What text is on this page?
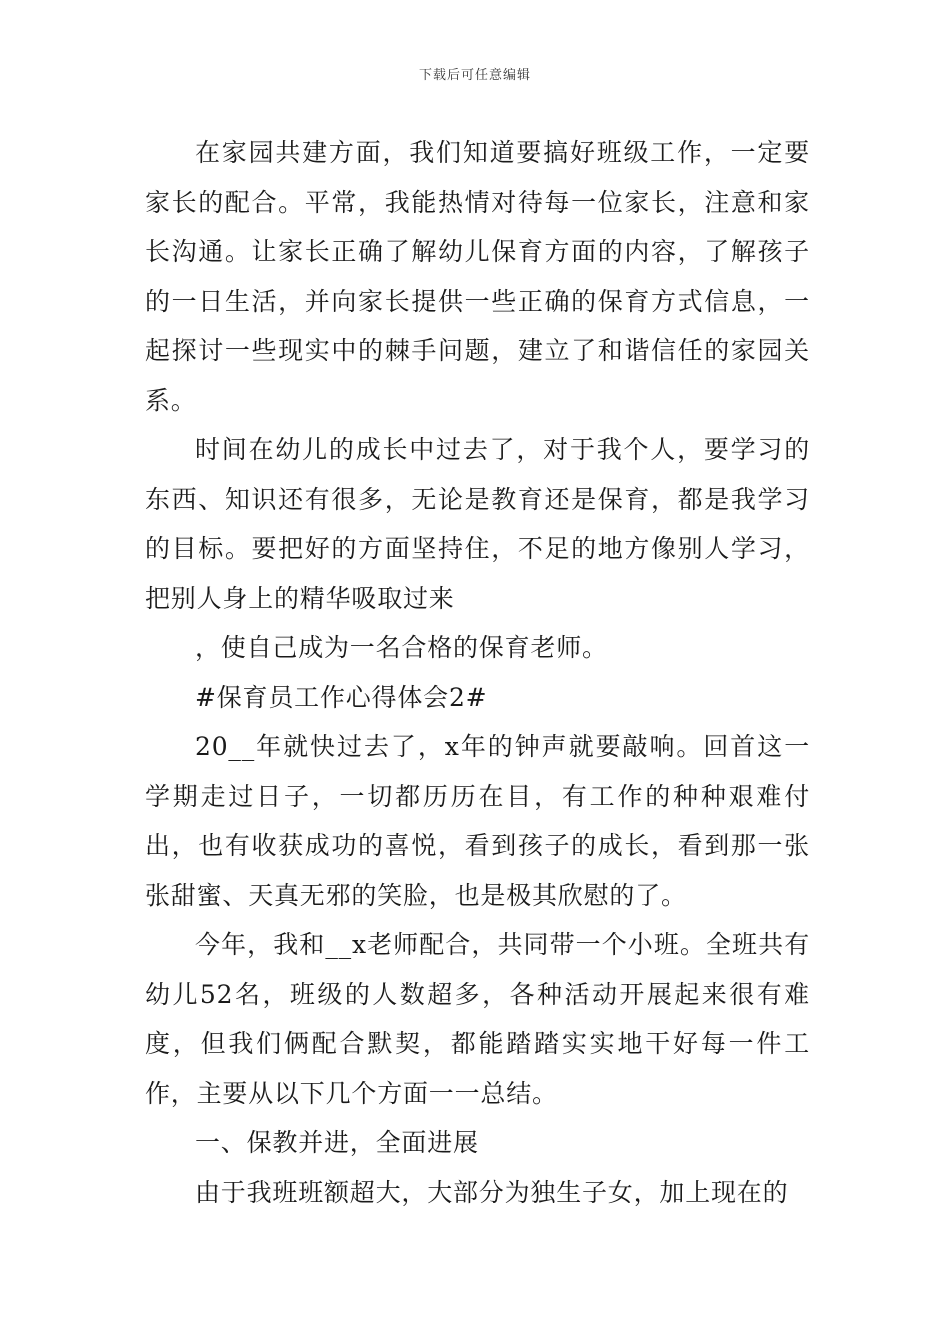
下载后可任意编辑

在家园共建方面，我们知道要搞好班级工作，一定要家长的配合。平常，我能热情对待每一位家长，注意和家长沟通。让家长正确了解幼儿保育方面的内容，了解孩子的一日生活，并向家长提供一些正确的保育方式信息，一起探讨一些现实中的棘手问题，建立了和谐信任的家园关系。

时间在幼儿的成长中过去了，对于我个人，要学习的东西、知识还有很多，无论是教育还是保育，都是我学习的目标。要把好的方面坚持住，不足的地方像别人学习，把别人身上的精华吸取过来

，使自己成为一名合格的保育老师。

#保育员工作心得体会2#

20__年就快过去了，x年的钟声就要敲响。回首这一学期走过日子，一切都历历在目，有工作的种种艰难付出，也有收获成功的喜悦，看到孩子的成长，看到那一张张甜蜜、天真无邪的笑脸，也是极其欣慰的了。

今年，我和__x老师配合，共同带一个小班。全班共有幼儿52名，班级的人数超多，各种活动开展起来很有难度，但我们俩配合默契，都能踏踏实实地干好每一件工作，主要从以下几个方面一一总结。

一、保教并进，全面进展

由于我班班额超大，大部分为独生子女，加上现在的
